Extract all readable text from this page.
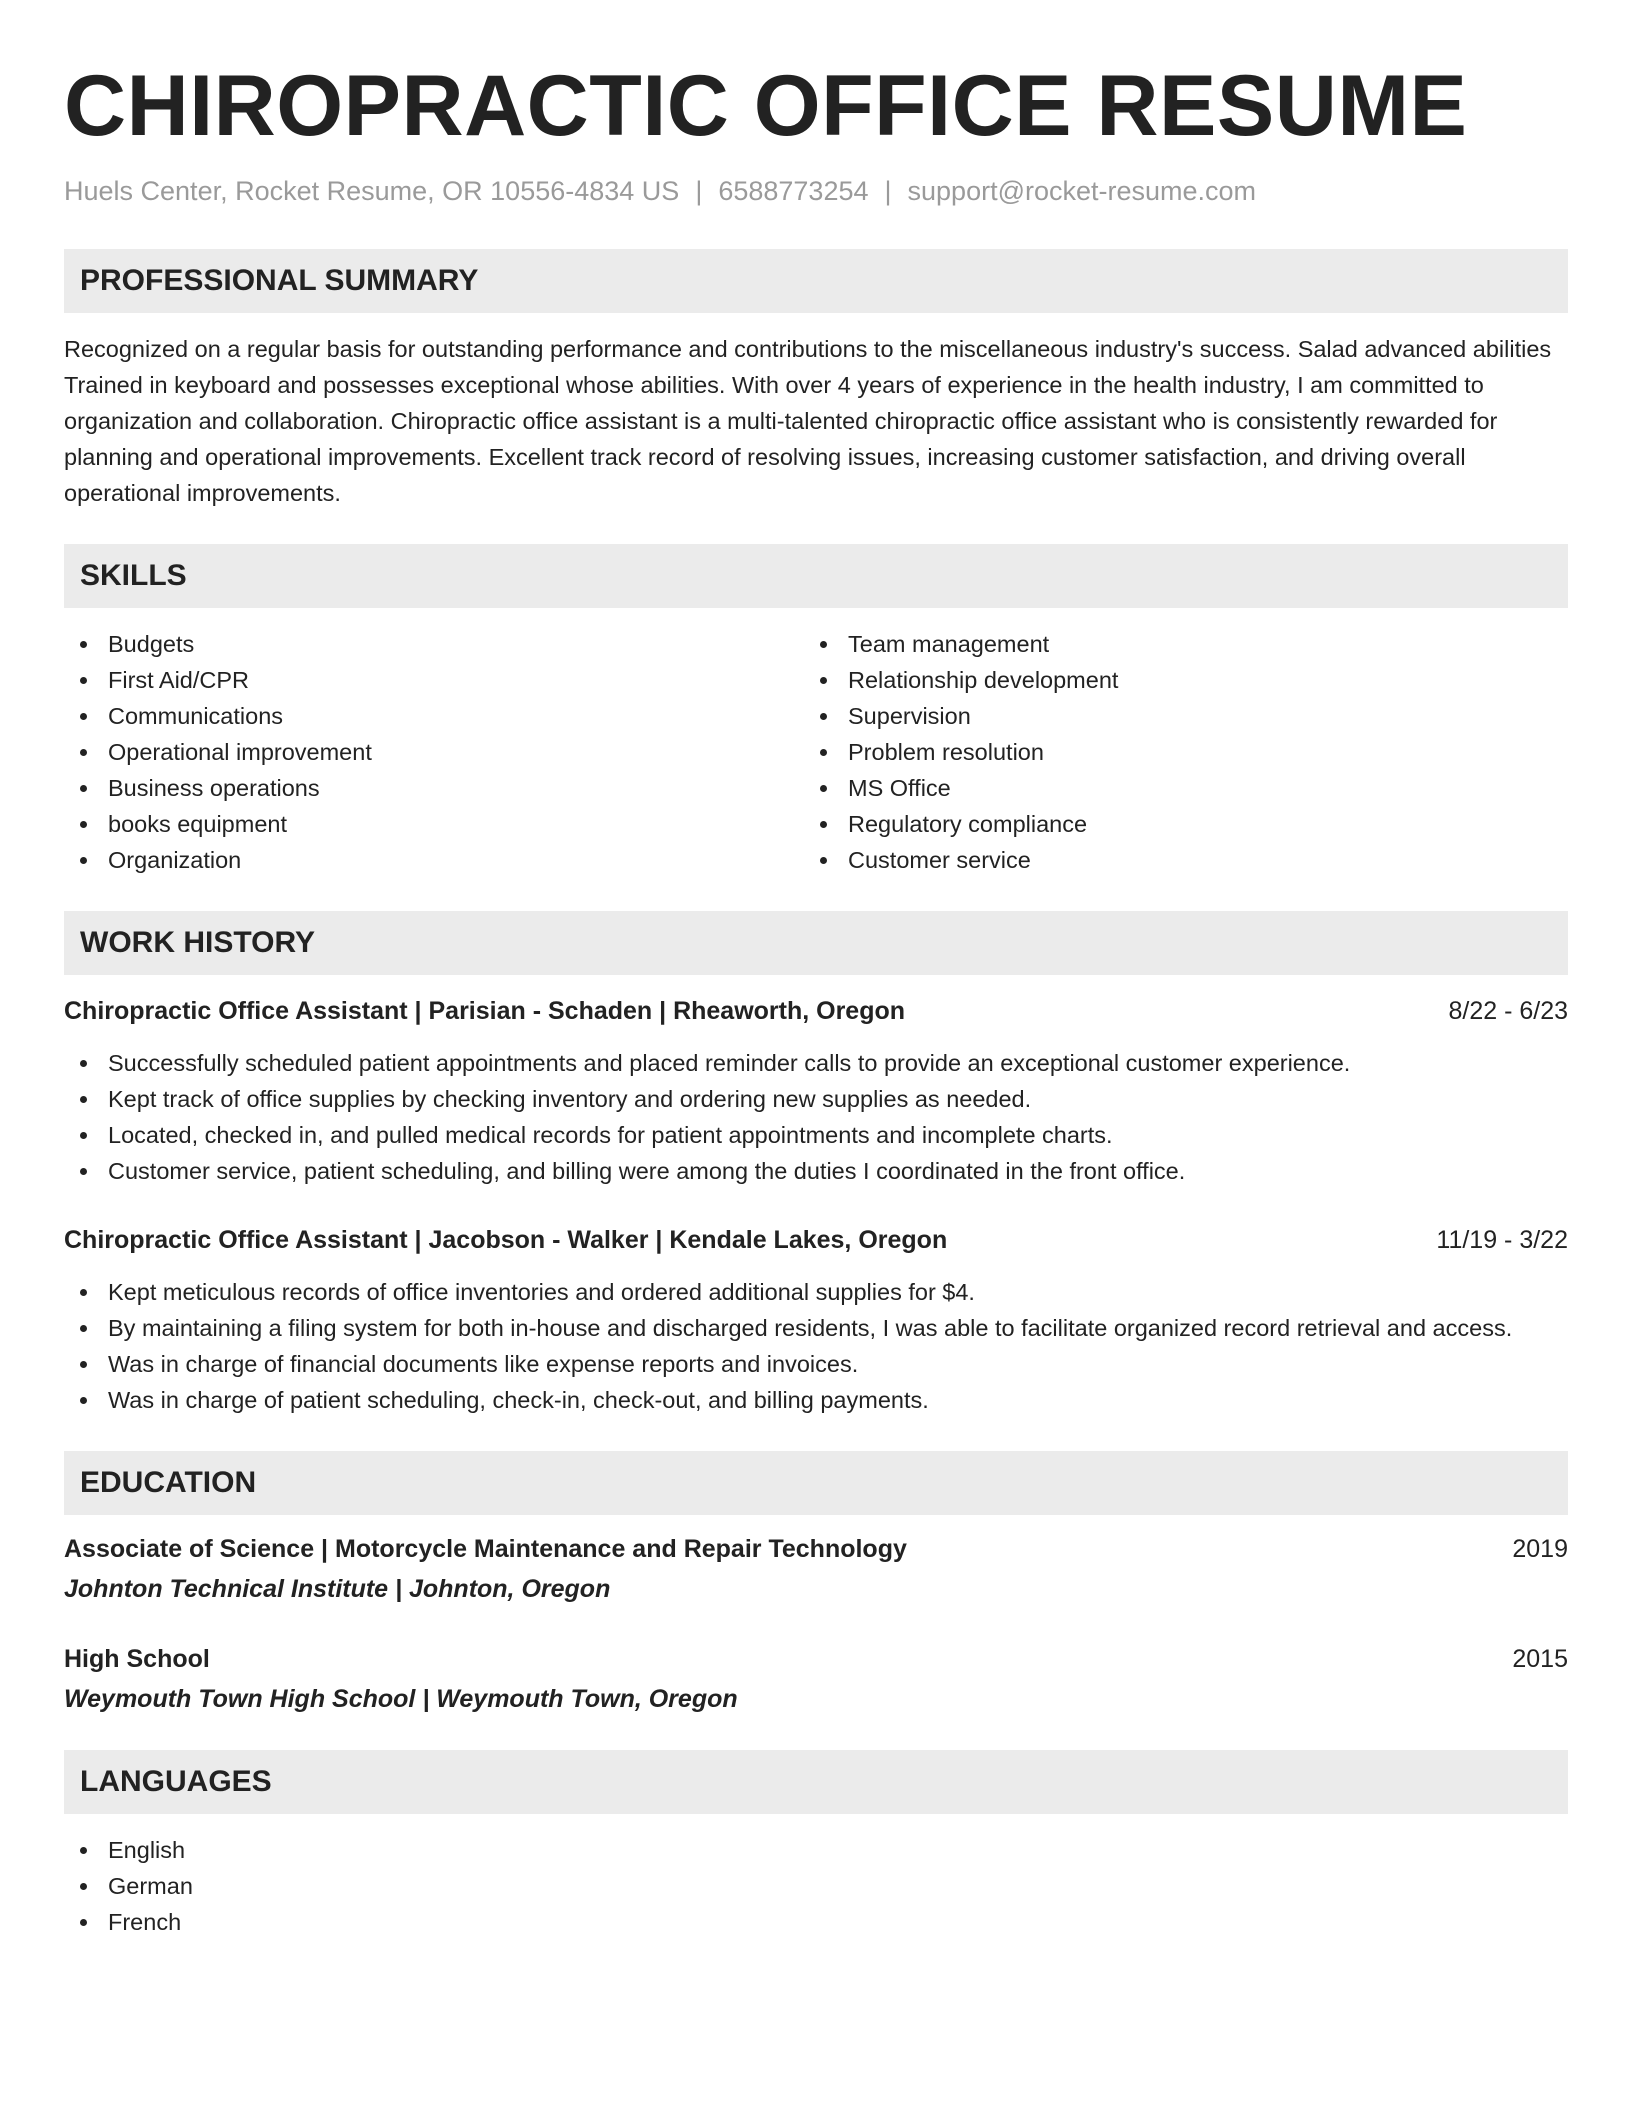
CHIROPRACTIC OFFICE RESUME
Huels Center, Rocket Resume, OR 10556-4834 US | 6588773254 | support@rocket-resume.com
PROFESSIONAL SUMMARY

Recognized on a regular basis for outstanding performance and contributions to the miscellaneous industry's success. Salad advanced abilities Trained in keyboard and possesses exceptional whose abilities. With over 4 years of experience in the health industry, I am committed to organization and collaboration. Chiropractic office assistant is a multi-talented chiropractic office assistant who is consistently rewarded for planning and operational improvements. Excellent track record of resolving issues, increasing customer satisfaction, and driving overall operational improvements.

SKILLS
Budgets
First Aid/CPR
Communications
Operational improvement
Business operations
books equipment
Organization
Team management
Relationship development
Supervision
Problem resolution
MS Office
Regulatory compliance
Customer service
WORK HISTORY
Chiropractic Office Assistant | Parisian - Schaden | Rheaworth, Oregon	8/22 - 6/23
Successfully scheduled patient appointments and placed reminder calls to provide an exceptional customer experience.
Kept track of office supplies by checking inventory and ordering new supplies as needed.
Located, checked in, and pulled medical records for patient appointments and incomplete charts.
Customer service, patient scheduling, and billing were among the duties I coordinated in the front office.
Chiropractic Office Assistant | Jacobson - Walker | Kendale Lakes, Oregon	11/19 - 3/22
Kept meticulous records of office inventories and ordered additional supplies for $4.
By maintaining a filing system for both in-house and discharged residents, I was able to facilitate organized record retrieval and access.
Was in charge of financial documents like expense reports and invoices.
Was in charge of patient scheduling, check-in, check-out, and billing payments.
EDUCATION
Associate of Science | Motorcycle Maintenance and Repair Technology	2019
Johnton Technical Institute | Johnton, Oregon
High School	2015
Weymouth Town High School | Weymouth Town, Oregon
LANGUAGES
English
German
French
